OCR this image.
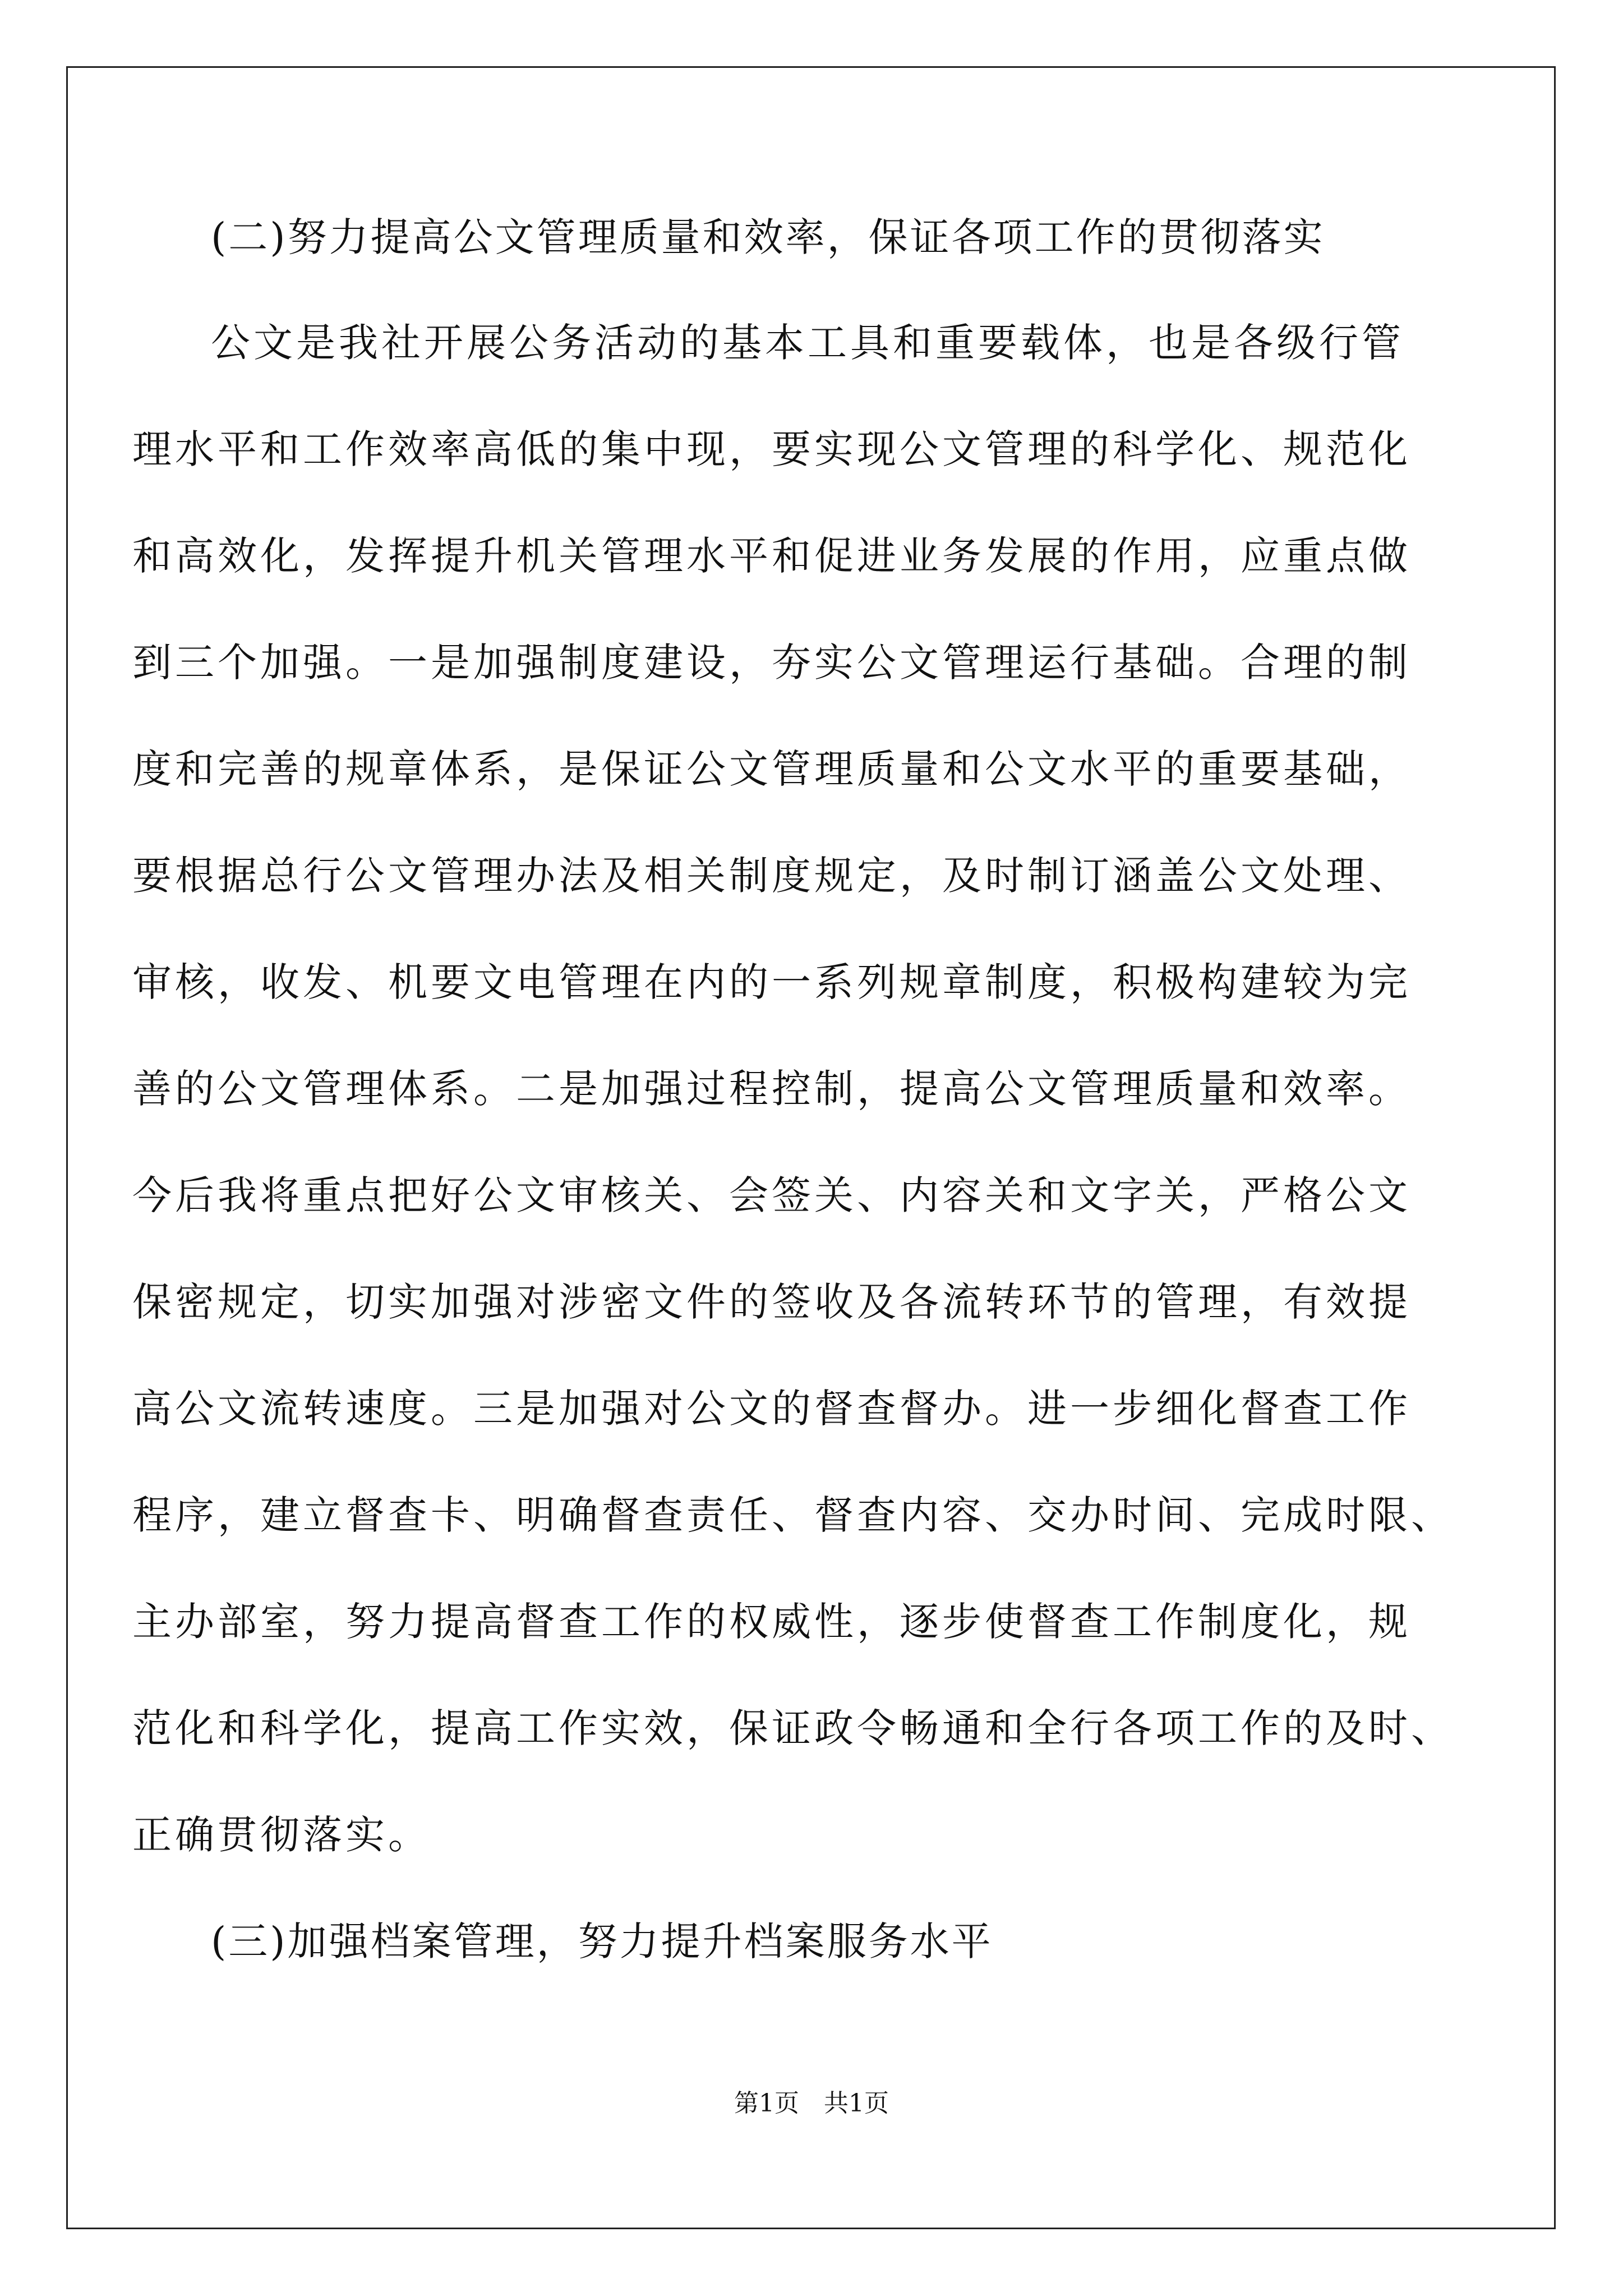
(二)努力提高公文管理质量和效率，保证各项工作的贯彻落实
公文是我社开展公务活动的基本工具和重要载体，也是各级行管
理水平和工作效率高低的集中现，要实现公文管理的科学化、规范化
和高效化，发挥提升机关管理水平和促进业务发展的作用，应重点做
到三个加强。一是加强制度建设，夯实公文管理运行基础。合理的制
度和完善的规章体系，是保证公文管理质量和公文水平的重要基础，
要根据总行公文管理办法及相关制度规定，及时制订涵盖公文处理、
审核，收发、机要文电管理在内的一系列规章制度，积极构建较为完
善的公文管理体系。二是加强过程控制，提高公文管理质量和效率。
今后我将重点把好公文审核关、会签关、内容关和文字关，严格公文
保密规定，切实加强对涉密文件的签收及各流转环节的管理，有效提
高公文流转速度。三是加强对公文的督查督办。进一步细化督查工作
程序，建立督查卡、明确督查责任、督查内容、交办时间、完成时限、
主办部室，努力提高督查工作的权威性，逐步使督查工作制度化，规
范化和科学化，提高工作实效，保证政令畅通和全行各项工作的及时、
正确贯彻落实。
(三)加强档案管理，努力提升档案服务水平
第1页　共1页
